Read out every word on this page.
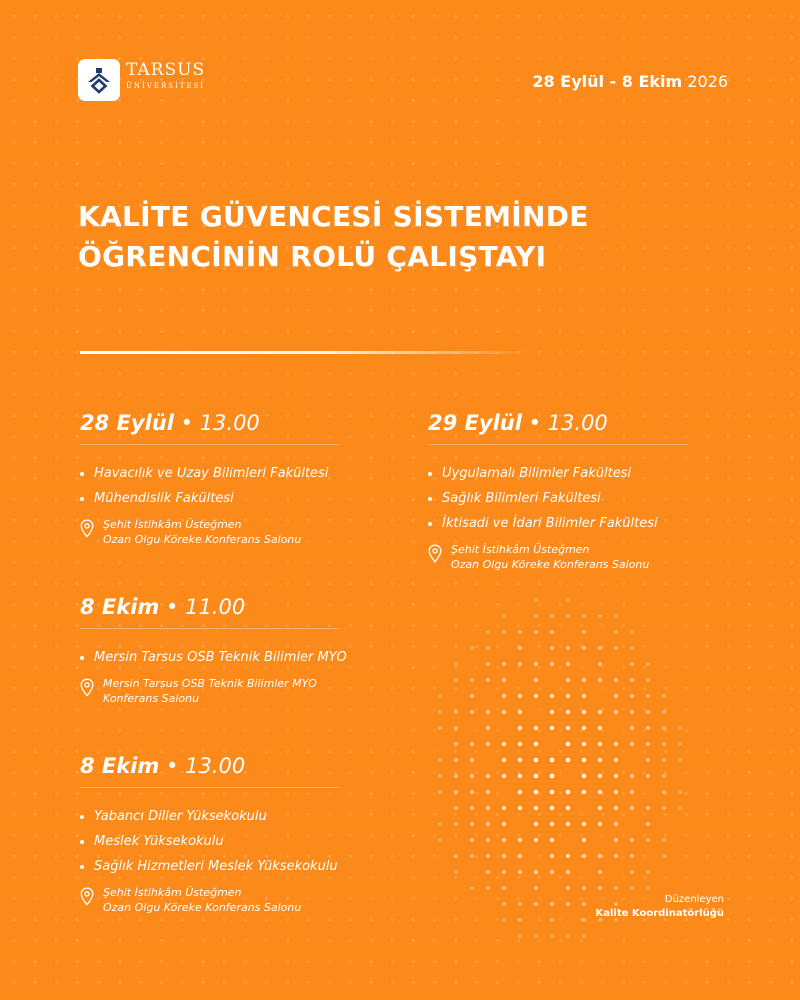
TARSUS
ÜNİVERSİTESİ	28 Eylül - 8 Ekim 2026
KALİTE GÜVENCESİ SİSTEMİNDE
ÖĞRENCİNİN ROLÜ ÇALIŞTAYI
28 Eylül • 13.00
Havacılık ve Uzay Bilimleri Fakültesi
Mühendislik Fakültesi
Şehit İstihkâm Üsteğmen
Ozan Olgu Köreke Konferans Salonu
29 Eylül • 13.00
Uygulamalı Bilimler Fakültesi
Sağlık Bilimleri Fakültesi
İktisadi ve İdari Bilimler Fakültesi
Şehit İstihkâm Üsteğmen
Ozan Olgu Köreke Konferans Salonu
8 Ekim • 11.00
Mersin Tarsus OSB Teknik Bilimler MYO
Mersin Tarsus OSB Teknik Bilimler MYO
Konferans Salonu
8 Ekim • 13.00
Yabancı Diller Yüksekokulu
Meslek Yüksekokulu
Sağlık Hizmetleri Meslek Yüksekokulu
Şehit İstihkâm Üsteğmen
Ozan Olgu Köreke Konferans Salonu
Düzenleyen
Kalite Koordinatörlüğü
